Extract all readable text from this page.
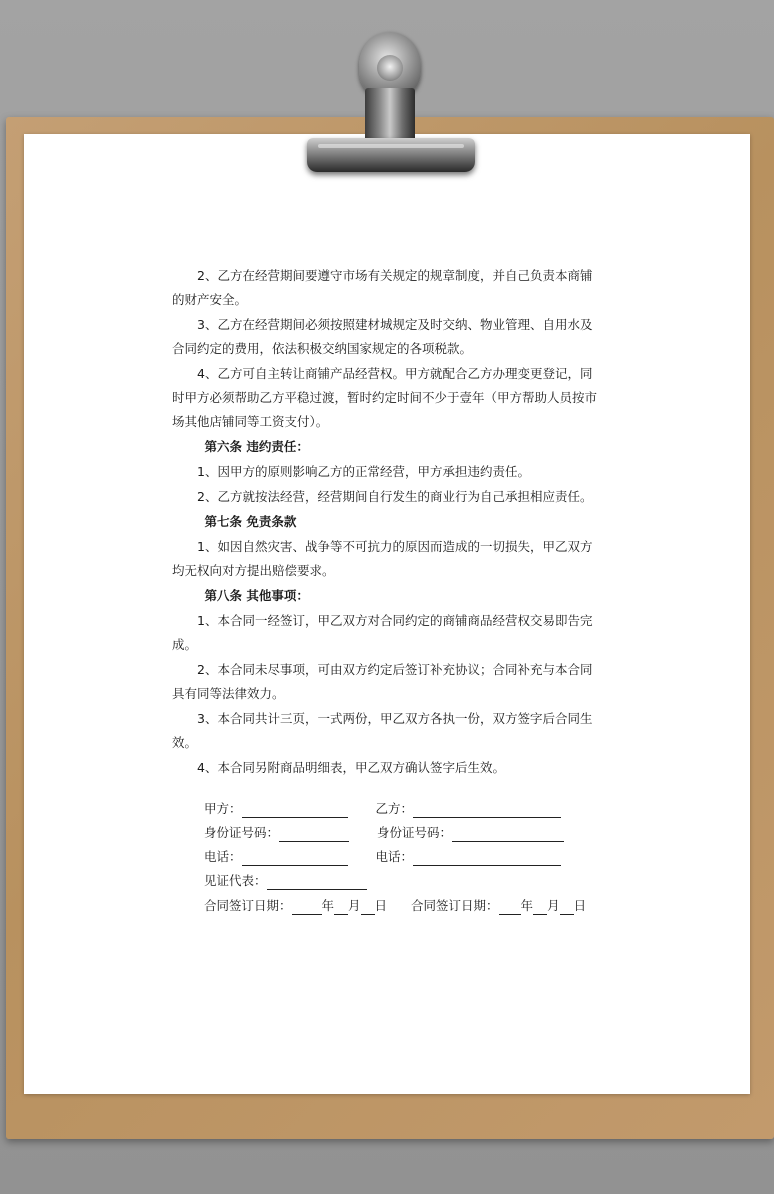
2、乙方在经营期间要遵守市场有关规定的规章制度，并自己负责本商铺的财产安全。

3、乙方在经营期间必须按照建材城规定及时交纳、物业管理、自用水及合同约定的费用，依法积极交纳国家规定的各项税款。

4、乙方可自主转让商铺产品经营权。甲方就配合乙方办理变更登记，同时甲方必须帮助乙方平稳过渡，暂时约定时间不少于壹年（甲方帮助人员按市场其他店铺同等工资支付）。

第六条 违约责任：

1、因甲方的原则影响乙方的正常经营，甲方承担违约责任。

2、乙方就按法经营，经营期间自行发生的商业行为自己承担相应责任。

第七条 免责条款

1、如因自然灾害、战争等不可抗力的原因而造成的一切损失，甲乙双方均无权向对方提出赔偿要求。

第八条 其他事项：

1、本合同一经签订，甲乙双方对合同约定的商铺商品经营权交易即告完成。

2、本合同未尽事项，可由双方约定后签订补充协议；合同补充与本合同具有同等法律效力。

3、本合同共计三页，一式两份，甲乙双方各执一份，双方签字后合同生效。

4、本合同另附商品明细表，甲乙双方确认签字后生效。

甲方：	乙方：
身份证号码：	身份证号码：
电话：	电话：
见证代表：
合同签订日期： 年 月 日 合同签订日期： 年 月 日
